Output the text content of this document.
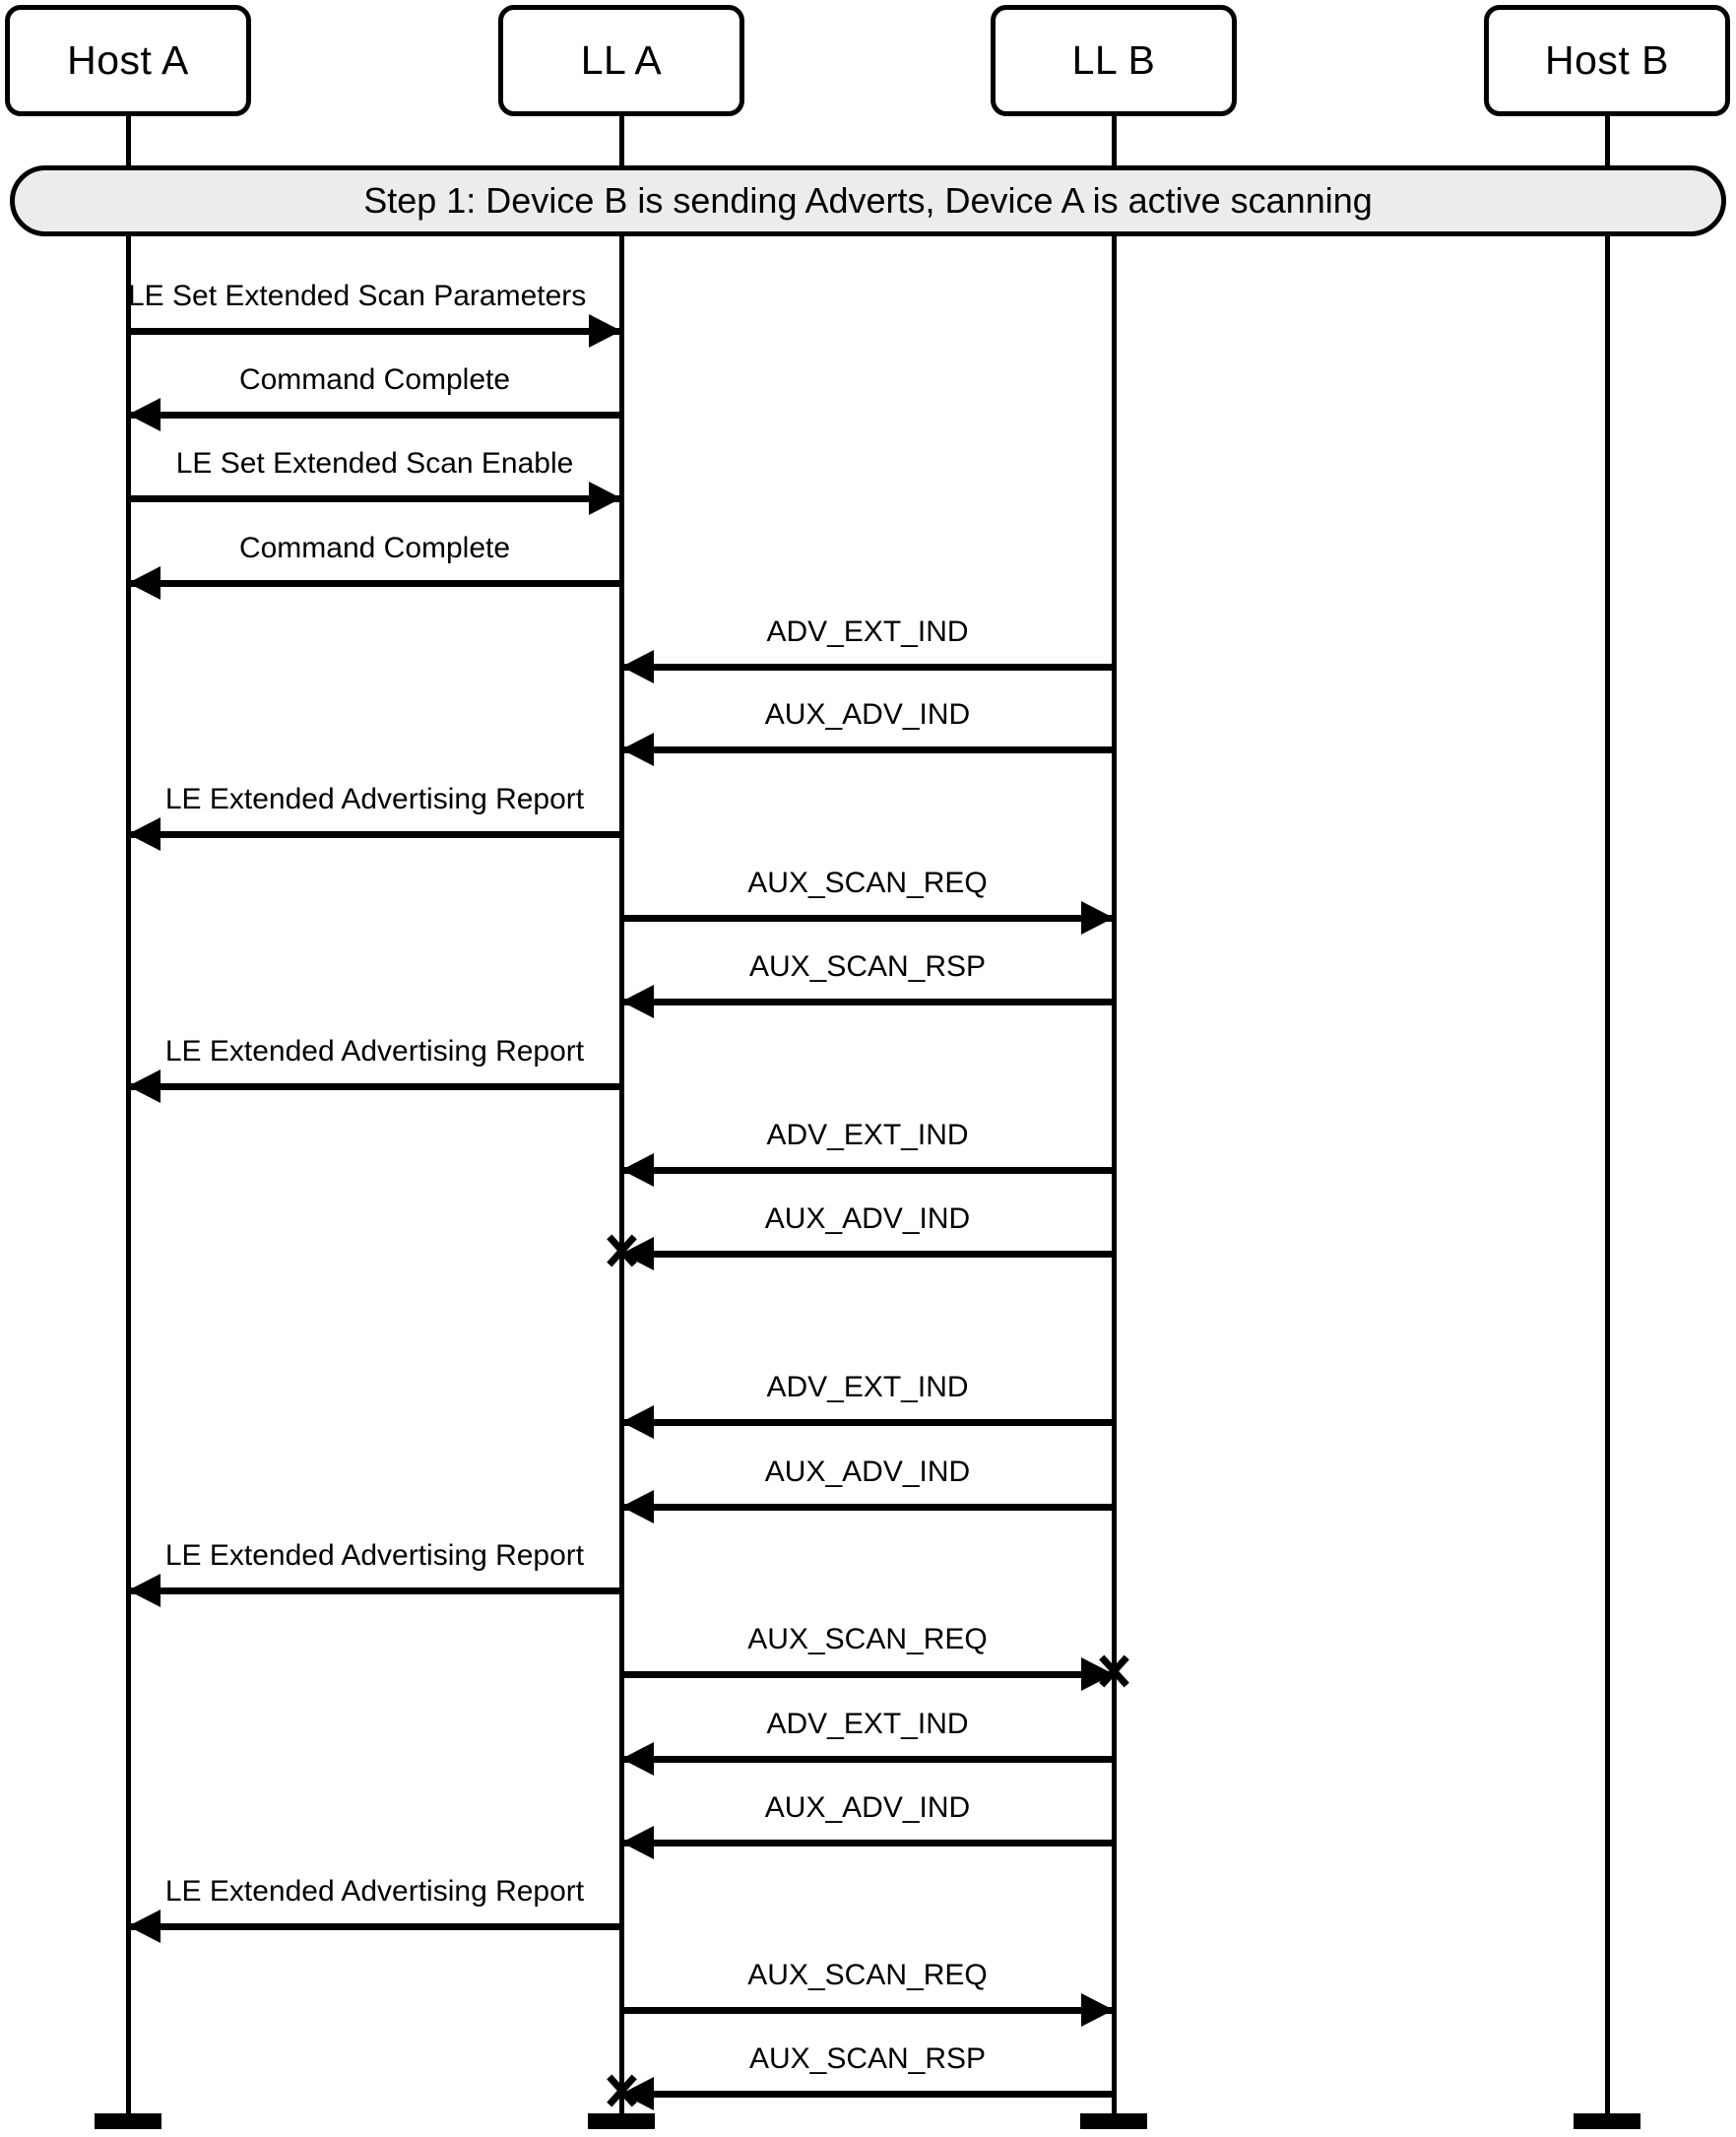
Host A	LL A	LL B	Host B
Step 1: Device B is sending Adverts, Device A is active scanning
LE Set Extended Scan Parameters
Command Complete
LE Set Extended Scan Enable
Command Complete
ADV_EXT_IND
AUX_ADV_IND
LE Extended Advertising Report
AUX_SCAN_REQ
AUX_SCAN_RSP
LE Extended Advertising Report
ADV_EXT_IND
AUX_ADV_IND
ADV_EXT_IND
AUX_ADV_IND
LE Extended Advertising Report
AUX_SCAN_REQ
ADV_EXT_IND
AUX_ADV_IND
LE Extended Advertising Report
AUX_SCAN_REQ
AUX_SCAN_RSP
